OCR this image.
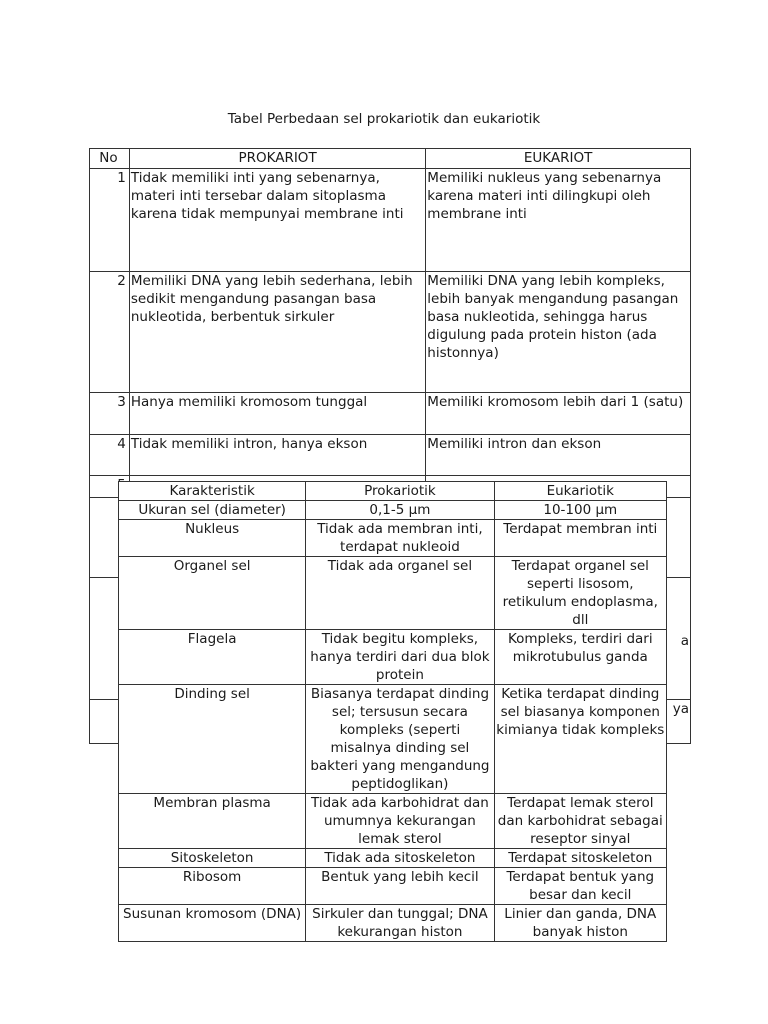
Tabel Perbedaan sel prokariotik dan eukariotik
No	PROKARIOT	EUKARIOT
1	Tidak memiliki inti yang sebenarnya, materi inti tersebar dalam sitoplasma karena tidak mempunyai membrane inti	Memiliki nukleus yang sebenarnya karena materi inti dilingkupi oleh membrane inti
2	Memiliki DNA yang lebih sederhana, lebih sedikit mengandung pasangan basa nukleotida, berbentuk sirkuler	Memiliki DNA yang lebih kompleks, lebih banyak mengandung pasangan basa nukleotida, sehingga harus digulung pada protein histon (ada histonnya)
3	Hanya memiliki kromosom tunggal	Memiliki kromosom lebih dari 1 (satu)
4	Tidak memiliki intron, hanya ekson	Memiliki intron dan ekson

		a
		ya
Karakteristik	Prokariotik	Eukariotik
Ukuran sel (diameter)	0,1-5 μm	10-100 μm
Nukleus	Tidak ada membran inti, terdapat nukleoid	Terdapat membran inti
Organel sel	Tidak ada organel sel	Terdapat organel sel seperti lisosom, retikulum endoplasma, dll
Flagela	Tidak begitu kompleks, hanya terdiri dari dua blok protein	Kompleks, terdiri dari mikrotubulus ganda
Dinding sel	Biasanya terdapat dinding sel; tersusun secara kompleks (seperti misalnya dinding sel bakteri yang mengandung peptidoglikan)	Ketika terdapat dinding sel biasanya komponen kimianya tidak kompleks
Membran plasma	Tidak ada karbohidrat dan umumnya kekurangan lemak sterol	Terdapat lemak sterol dan karbohidrat sebagai reseptor sinyal
Sitoskeleton	Tidak ada sitoskeleton	Terdapat sitoskeleton
Ribosom	Bentuk yang lebih kecil	Terdapat bentuk yang besar dan kecil
Susunan kromosom (DNA)	Sirkuler dan tunggal; DNA kekurangan histon	Linier dan ganda, DNA banyak histon
